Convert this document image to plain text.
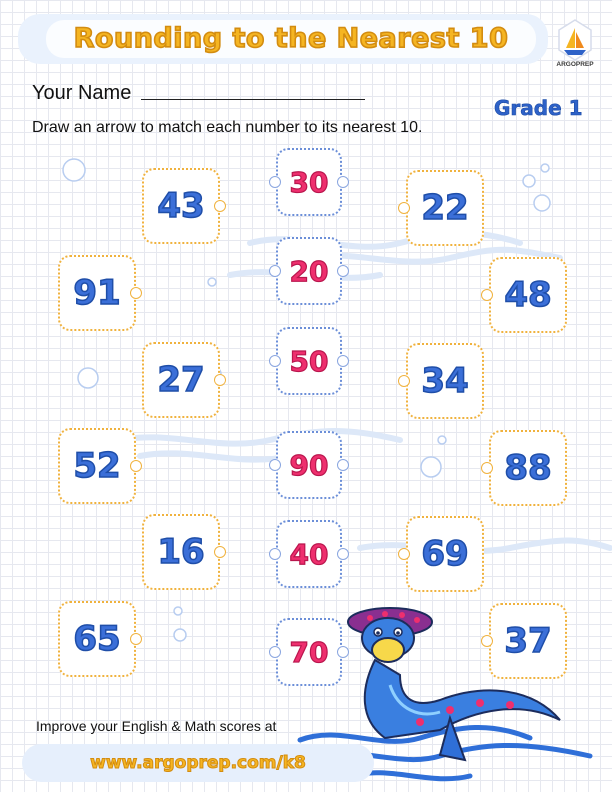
Rounding to the Nearest 10
ARGOPREP
Your Name
Grade 1
Draw an arrow to match each number to its nearest 10.
43
91
27
52
16
65
22
48
34
88
69
37
30
20
50
90
40
70
Improve your English & Math scores at
www.argoprep.com/k8
